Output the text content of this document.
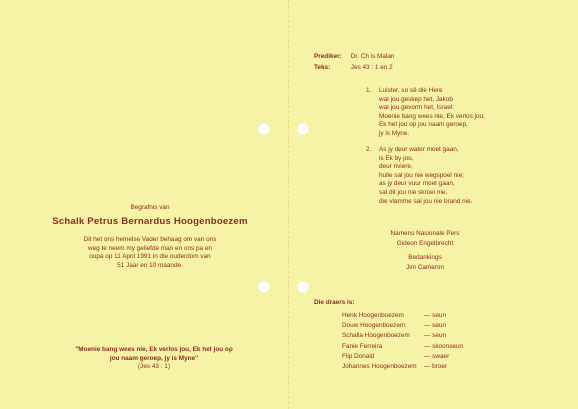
Begrafnis van
Schalk Petrus Bernardus Hoogenboezem
Dit het ons hemelse Vader behaag om van ons
weg te neem my geliefde man en ons pa en
oupa op 11 April 1991 in die ouderdom van
51 Jaar en 10 maande.
"Moenie bang wees nie, Ek verlos jou, Ek het jou op
jou naam geroep, jy is Myne"
(Jes 43 : 1)
Prediker: Dr. Ch is Malan
Teks:	Jes 43 : 1 en 2
1. Luister, so sê die Here
wat jou geskep het, Jakob
wat jou gevorm het, Israel:
Moenie bang wees nie, Ek verlos jou;
Ek het jou op jou naam geroep,
jy is Myne.
2. As jy deur water moet gaan,
is Ek by jou,
deur riviere,
hulle sal jou nie wegspoel nie;
as jy deur vuur moet gaan,
sal dit jou nie skroei nie,
die vlamme sal jou nie brand nie.
Namens Nasionale Pers
Gideon Engelbrecht
Bedankings
Jim Cameron
Die draers is:
Henk Hoogenboezem	— seun
Douw Hoogenboezem	— seun
Schalla Hoogenboezem — seun
Fanie Ferreira	— skoonseun
Flip Donald	— swaer
Johannes Hoogenboezem — broer
